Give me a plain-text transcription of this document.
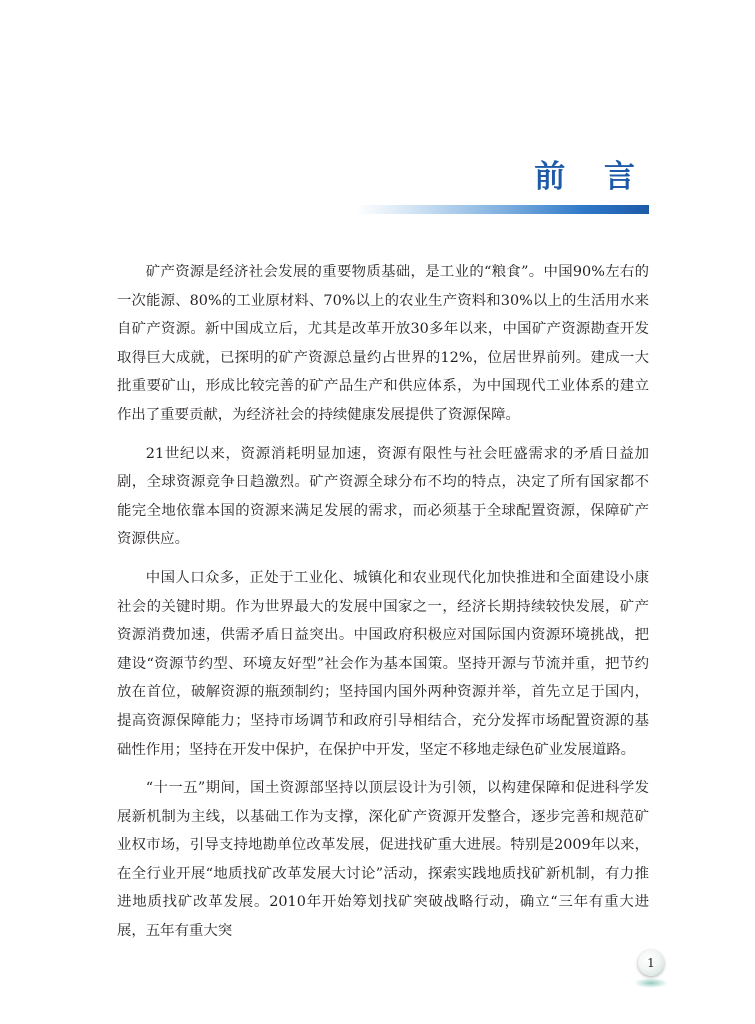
前 言

矿产资源是经济社会发展的重要物质基础，是工业的“粮食”。中国90%左右的一次能源、80%的工业原材料、70%以上的农业生产资料和30%以上的生活用水来自矿产资源。新中国成立后，尤其是改革开放30多年以来，中国矿产资源勘查开发取得巨大成就，已探明的矿产资源总量约占世界的12%，位居世界前列。建成一大批重要矿山，形成比较完善的矿产品生产和供应体系，为中国现代工业体系的建立作出了重要贡献，为经济社会的持续健康发展提供了资源保障。

21世纪以来，资源消耗明显加速，资源有限性与社会旺盛需求的矛盾日益加剧，全球资源竞争日趋激烈。矿产资源全球分布不均的特点，决定了所有国家都不能完全地依靠本国的资源来满足发展的需求，而必须基于全球配置资源，保障矿产资源供应。

中国人口众多，正处于工业化、城镇化和农业现代化加快推进和全面建设小康社会的关键时期。作为世界最大的发展中国家之一，经济长期持续较快发展，矿产资源消费加速，供需矛盾日益突出。中国政府积极应对国际国内资源环境挑战，把建设“资源节约型、环境友好型”社会作为基本国策。坚持开源与节流并重，把节约放在首位，破解资源的瓶颈制约；坚持国内国外两种资源并举，首先立足于国内，提高资源保障能力；坚持市场调节和政府引导相结合，充分发挥市场配置资源的基础性作用；坚持在开发中保护，在保护中开发，坚定不移地走绿色矿业发展道路。

“十一五”期间，国土资源部坚持以顶层设计为引领，以构建保障和促进科学发展新机制为主线，以基础工作为支撑，深化矿产资源开发整合，逐步完善和规范矿业权市场，引导支持地勘单位改革发展，促进找矿重大进展。特别是2009年以来，在全行业开展“地质找矿改革发展大讨论”活动，探索实践地质找矿新机制，有力推进地质找矿改革发展。2010年开始筹划找矿突破战略行动，确立“三年有重大进展，五年有重大突

1
